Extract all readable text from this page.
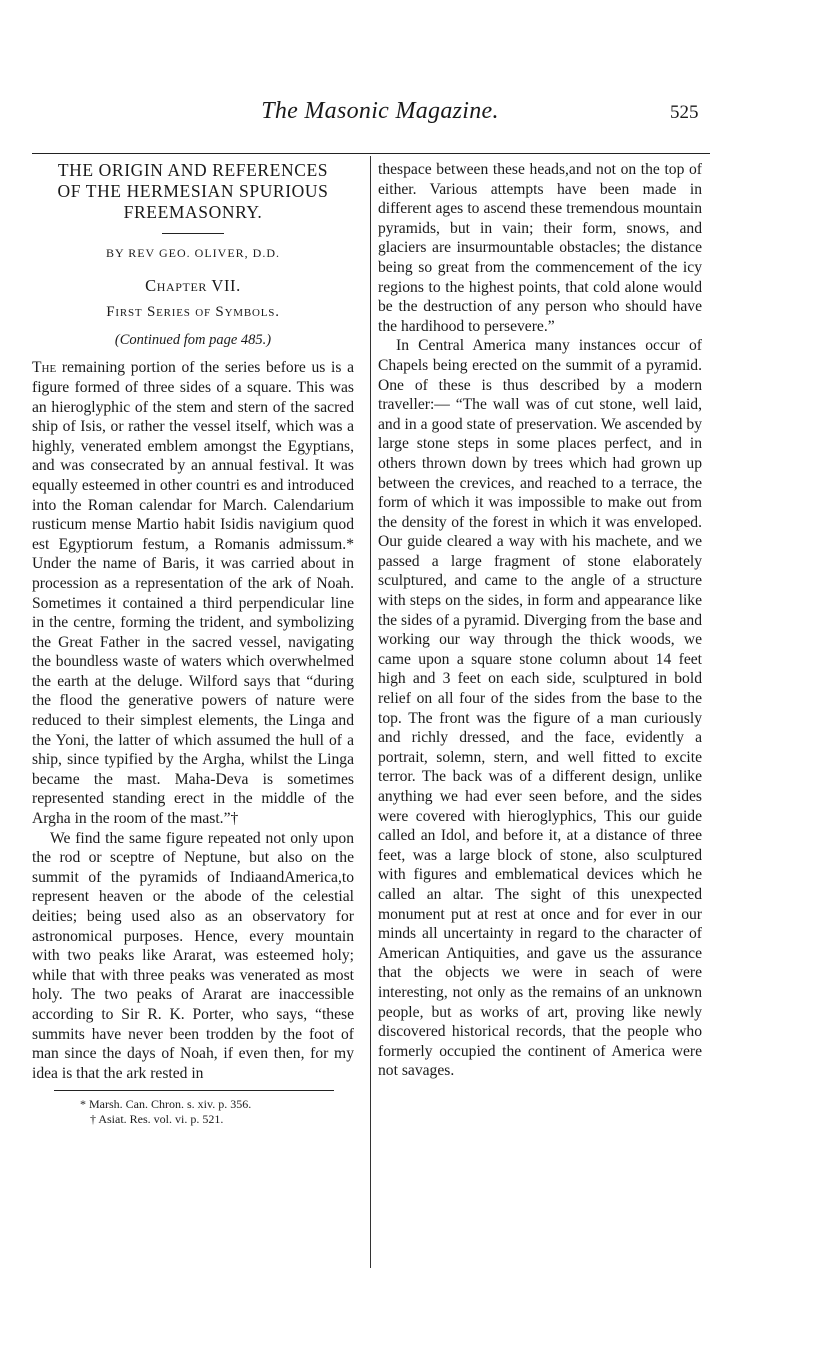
The Masonic Magazine.	525
THE ORIGIN AND REFERENCES
OF THE HERMESIAN SPURIOUS
FREEMASONRY.
BY REV GEO. OLIVER, D.D.
Chapter VII.
First Series of Symbols.
(Continued fom page 485.)

The remaining portion of the series before us is a figure formed of three sides of a square. This was an hieroglyphic of the stem and stern of the sacred ship of Isis, or rather the vessel itself, which was a highly, venerated emblem amongst the Egyptians, and was consecrated by an annual festival. It was equally esteemed in other countri es and introduced into the Roman calendar for March. Calendarium rusticum mense Martio habit Isidis navigium quod est Egyptiorum festum, a Romanis admissum.* Under the name of Baris, it was carried about in procession as a representation of the ark of Noah. Sometimes it contained a third perpendicular line in the centre, forming the trident, and symbolizing the Great Father in the sacred vessel, navigating the boundless waste of waters which overwhelmed the earth at the deluge. Wilford says that “during the flood the generative powers of nature were reduced to their simplest elements, the Linga and the Yoni, the latter of which assumed the hull of a ship, since typified by the Argha, whilst the Linga became the mast. Maha-Deva is sometimes represented standing erect in the middle of the Argha in the room of the mast.”†

We find the same figure repeated not only upon the rod or sceptre of Neptune, but also on the summit of the pyramids of IndiaandAmerica,to represent heaven or the abode of the celestial deities; being used also as an observatory for astronomical purposes. Hence, every mountain with two peaks like Ararat, was esteemed holy; while that with three peaks was venerated as most holy. The two peaks of Ararat are inaccessible according to Sir R. K. Porter, who says, “these summits have never been trodden by the foot of man since the days of Noah, if even then, for my idea is that the ark rested in

* Marsh. Can. Chron. s. xiv. p. 356.

† Asiat. Res. vol. vi. p. 521.

thespace between these heads,and not on the top of either. Various attempts have been made in different ages to ascend these tremendous mountain pyramids, but in vain; their form, snows, and glaciers are insurmountable obstacles; the distance being so great from the commencement of the icy regions to the highest points, that cold alone would be the destruction of any person who should have the hardihood to persevere.”

In Central America many instances occur of Chapels being erected on the summit of a pyramid. One of these is thus described by a modern traveller:— “The wall was of cut stone, well laid, and in a good state of preservation. We ascended by large stone steps in some places perfect, and in others thrown down by trees which had grown up between the crevices, and reached to a terrace, the form of which it was impossible to make out from the density of the forest in which it was enveloped. Our guide cleared a way with his machete, and we passed a large fragment of stone elaborately sculptured, and came to the angle of a structure with steps on the sides, in form and appearance like the sides of a pyramid. Diverging from the base and working our way through the thick woods, we came upon a square stone column about 14 feet high and 3 feet on each side, sculptured in bold relief on all four of the sides from the base to the top. The front was the figure of a man curiously and richly dressed, and the face, evidently a portrait, solemn, stern, and well fitted to excite terror. The back was of a different design, unlike anything we had ever seen before, and the sides were covered with hieroglyphics, This our guide called an Idol, and before it, at a distance of three feet, was a large block of stone, also sculptured with figures and emblematical devices which he called an altar. The sight of this unexpected monument put at rest at once and for ever in our minds all uncertainty in regard to the character of American Antiquities, and gave us the assurance that the objects we were in seach of were interesting, not only as the remains of an unknown people, but as works of art, proving like newly discovered historical records, that the people who formerly occupied the continent of America were not savages.
